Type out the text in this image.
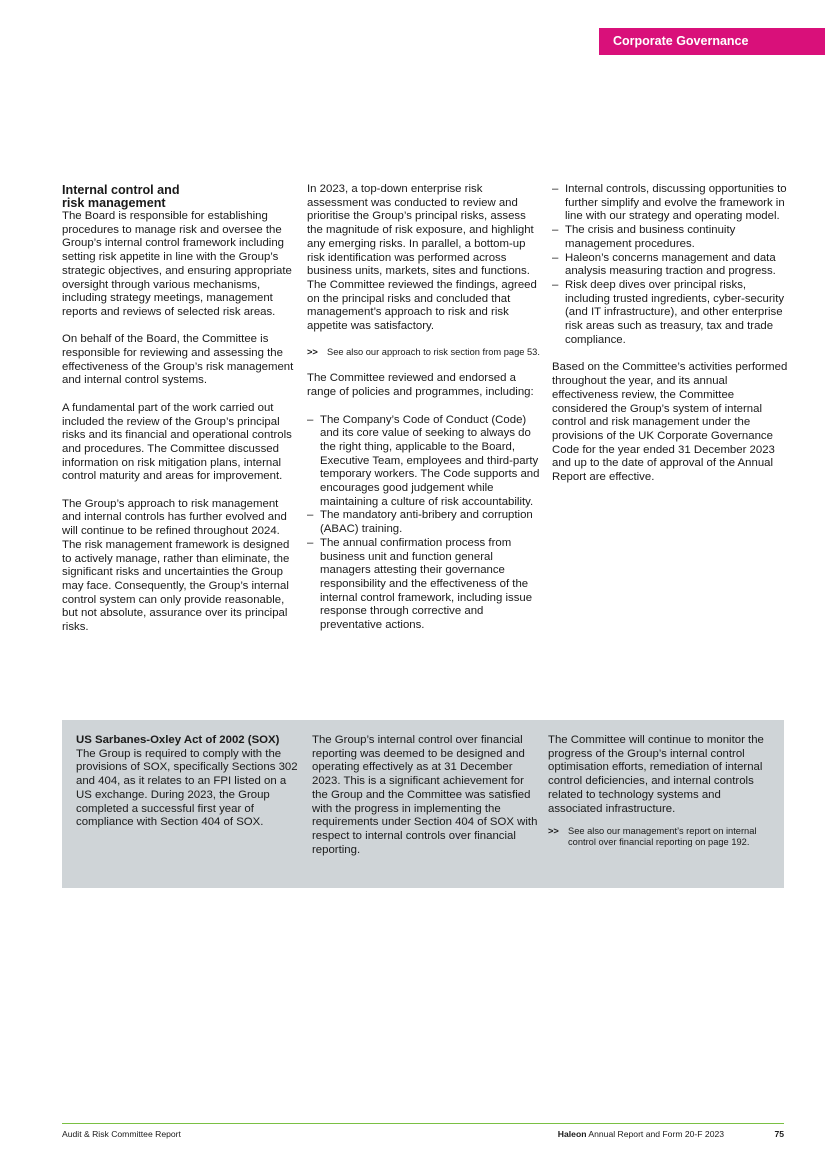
Corporate Governance
Internal control and
risk management

The Board is responsible for establishing procedures to manage risk and oversee the Group’s internal control framework including setting risk appetite in line with the Group’s strategic objectives, and ensuring appropriate oversight through various mechanisms, including strategy meetings, management reports and reviews of selected risk areas.

On behalf of the Board, the Committee is responsible for reviewing and assessing the effectiveness of the Group’s risk management and internal control systems.

A fundamental part of the work carried out included the review of the Group’s principal risks and its financial and operational controls and procedures. The Committee discussed information on risk mitigation plans, internal control maturity and areas for improvement.

The Group’s approach to risk management and internal controls has further evolved and will continue to be refined throughout 2024. The risk management framework is designed to actively manage, rather than eliminate, the significant risks and uncertainties the Group may face. Consequently, the Group’s internal control system can only provide reasonable, but not absolute, assurance over its principal risks.

In 2023, a top-down enterprise risk assessment was conducted to review and prioritise the Group’s principal risks, assess the magnitude of risk exposure, and highlight any emerging risks. In parallel, a bottom-up risk identification was performed across business units, markets, sites and functions. The Committee reviewed the findings, agreed on the principal risks and concluded that management’s approach to risk and risk appetite was satisfactory.

>> See also our approach to risk section from page 53.

The Committee reviewed and endorsed a range of policies and programmes, including:

– The Company’s Code of Conduct (Code) and its core value of seeking to always do the right thing, applicable to the Board, Executive Team, employees and third-party temporary workers. The Code supports and encourages good judgement while maintaining a culture of risk accountability.
– The mandatory anti-bribery and corruption (ABAC) training.
– The annual confirmation process from business unit and function general managers attesting their governance responsibility and the effectiveness of the internal control framework, including issue response through corrective and preventative actions.
– Internal controls, discussing opportunities to further simplify and evolve the framework in line with our strategy and operating model.
– The crisis and business continuity management procedures.
– Haleon’s concerns management and data analysis measuring traction and progress.
– Risk deep dives over principal risks, including trusted ingredients, cyber-security (and IT infrastructure), and other enterprise risk areas such as treasury, tax and trade compliance.

Based on the Committee’s activities performed throughout the year, and its annual effectiveness review, the Committee considered the Group’s system of internal control and risk management under the provisions of the UK Corporate Governance Code for the year ended 31 December 2023 and up to the date of approval of the Annual Report are effective.

US Sarbanes-Oxley Act of 2002 (SOX)
The Group is required to comply with the provisions of SOX, specifically Sections 302 and 404, as it relates to an FPI listed on a US exchange. During 2023, the Group completed a successful first year of compliance with Section 404 of SOX.
The Group’s internal control over financial reporting was deemed to be designed and operating effectively as at 31 December 2023. This is a significant achievement for the Group and the Committee was satisfied with the progress in implementing the requirements under Section 404 of SOX with respect to internal controls over financial reporting.

The Committee will continue to monitor the progress of the Group’s internal control optimisation efforts, remediation of internal control deficiencies, and internal controls related to technology systems and associated infrastructure.

>> See also our management’s report on internal control over financial reporting on page 192.
Audit & Risk Committee Report	Haleon Annual Report and Form 20-F 2023	75
